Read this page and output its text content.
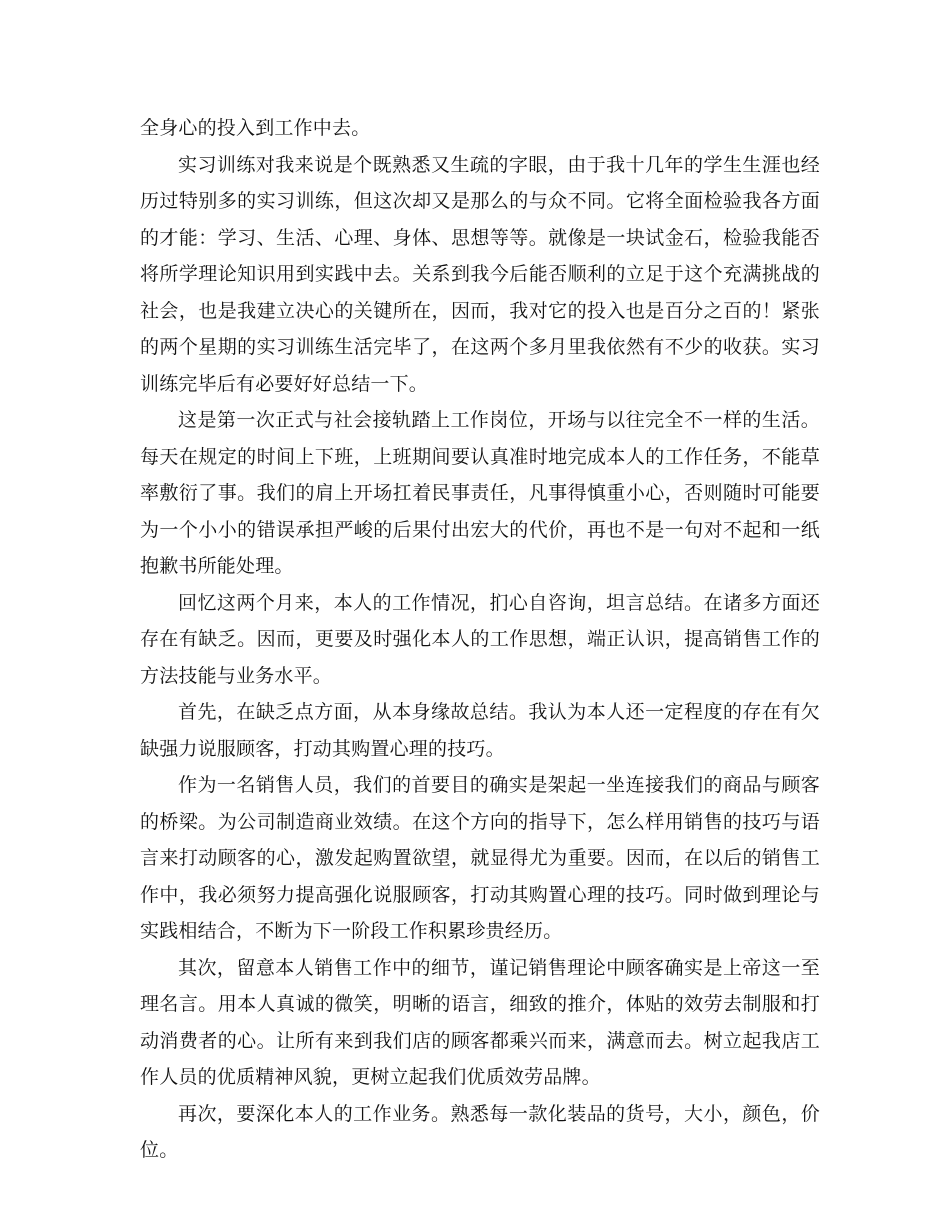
全身心的投入到工作中去。

实习训练对我来说是个既熟悉又生疏的字眼，由于我十几年的学生生涯也经历过特别多的实习训练，但这次却又是那么的与众不同。它将全面检验我各方面的才能：学习、生活、心理、身体、思想等等。就像是一块试金石，检验我能否将所学理论知识用到实践中去。关系到我今后能否顺利的立足于这个充满挑战的社会，也是我建立决心的关键所在，因而，我对它的投入也是百分之百的！紧张的两个星期的实习训练生活完毕了，在这两个多月里我依然有不少的收获。实习训练完毕后有必要好好总结一下。

这是第一次正式与社会接轨踏上工作岗位，开场与以往完全不一样的生活。每天在规定的时间上下班，上班期间要认真准时地完成本人的工作任务，不能草率敷衍了事。我们的肩上开场扛着民事责任，凡事得慎重小心，否则随时可能要为一个小小的错误承担严峻的后果付出宏大的代价，再也不是一句对不起和一纸抱歉书所能处理。

回忆这两个月来，本人的工作情况，扪心自咨询，坦言总结。在诸多方面还存在有缺乏。因而，更要及时强化本人的工作思想，端正认识，提高销售工作的方法技能与业务水平。

首先，在缺乏点方面，从本身缘故总结。我认为本人还一定程度的存在有欠缺强力说服顾客，打动其购置心理的技巧。

作为一名销售人员，我们的首要目的确实是架起一坐连接我们的商品与顾客的桥梁。为公司制造商业效绩。在这个方向的指导下，怎么样用销售的技巧与语言来打动顾客的心，激发起购置欲望，就显得尤为重要。因而，在以后的销售工作中，我必须努力提高强化说服顾客，打动其购置心理的技巧。同时做到理论与实践相结合，不断为下一阶段工作积累珍贵经历。

其次，留意本人销售工作中的细节，谨记销售理论中顾客确实是上帝这一至理名言。用本人真诚的微笑，明晰的语言，细致的推介，体贴的效劳去制服和打动消费者的心。让所有来到我们店的顾客都乘兴而来，满意而去。树立起我店工作人员的优质精神风貌，更树立起我们优质效劳品牌。

再次，要深化本人的工作业务。熟悉每一款化装品的货号，大小，颜色，价位。
